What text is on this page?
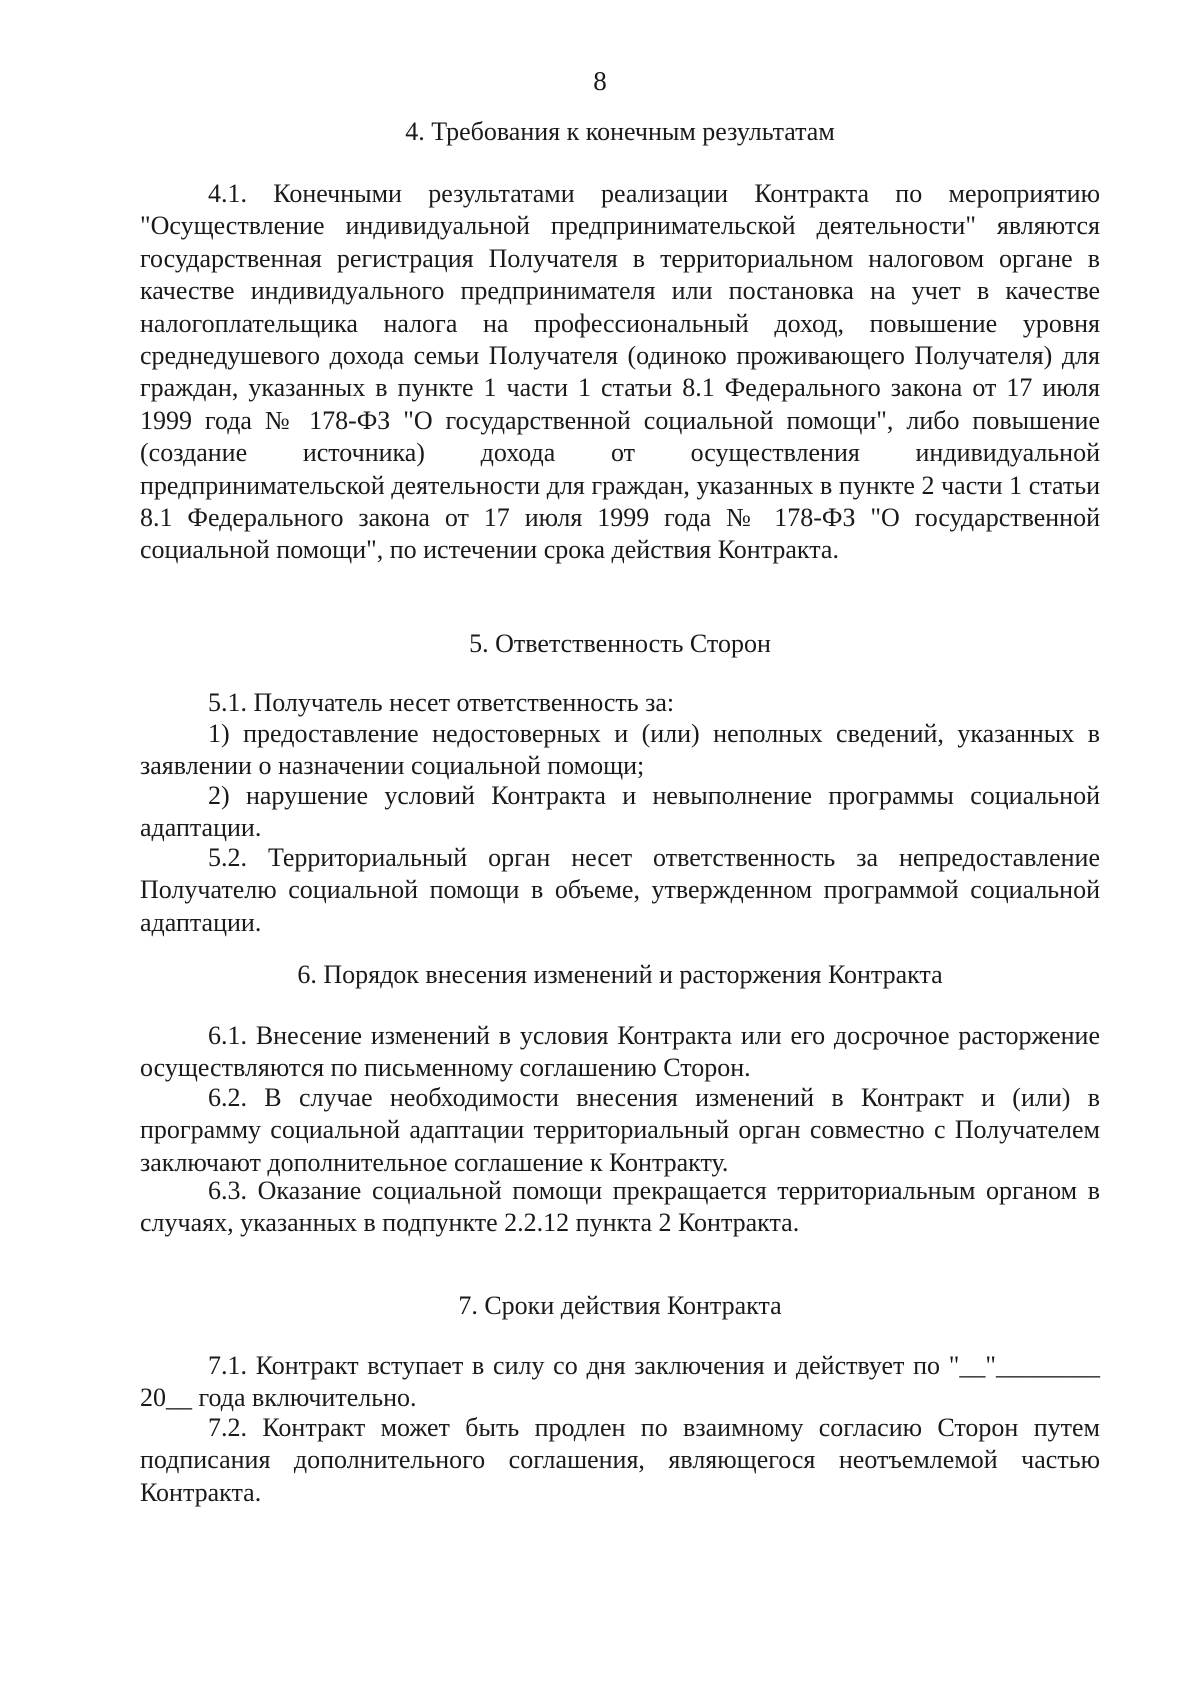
8
4. Требования к конечным результатам
4.1. Конечными результатами реализации Контракта по мероприятию "Осуществление индивидуальной предпринимательской деятельности" являются государственная регистрация Получателя в территориальном налоговом органе в качестве индивидуального предпринимателя или постановка на учет в качестве налогоплательщика налога на профессиональный доход, повышение уровня среднедушевого дохода семьи Получателя (одиноко проживающего Получателя) для граждан, указанных в пункте 1 части 1 статьи 8.1 Федерального закона от 17 июля 1999 года № 178-ФЗ "О государственной социальной помощи", либо повышение (создание источника) дохода от осуществления индивидуальной предпринимательской деятельности для граждан, указанных в пункте 2 части 1 статьи 8.1 Федерального закона от 17 июля 1999 года № 178-ФЗ "О государственной социальной помощи", по истечении срока действия Контракта.
5. Ответственность Сторон
5.1. Получатель несет ответственность за:
1) предоставление недостоверных и (или) неполных сведений, указанных в заявлении о назначении социальной помощи;
2) нарушение условий Контракта и невыполнение программы социальной адаптации.
5.2. Территориальный орган несет ответственность за непредоставление Получателю социальной помощи в объеме, утвержденном программой социальной адаптации.
6. Порядок внесения изменений и расторжения Контракта
6.1. Внесение изменений в условия Контракта или его досрочное расторжение осуществляются по письменному соглашению Сторон.
6.2. В случае необходимости внесения изменений в Контракт и (или) в программу социальной адаптации территориальный орган совместно с Получателем заключают дополнительное соглашение к Контракту.
6.3. Оказание социальной помощи прекращается территориальным органом в случаях, указанных в подпункте 2.2.12 пункта 2 Контракта.
7. Сроки действия Контракта
7.1. Контракт вступает в силу со дня заключения и действует по "__"________ 20__ года включительно.
7.2. Контракт может быть продлен по взаимному согласию Сторон путем подписания дополнительного соглашения, являющегося неотъемлемой частью Контракта.
